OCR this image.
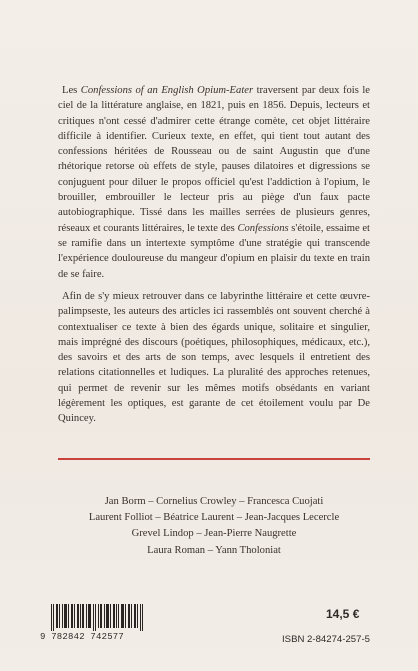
Les Confessions of an English Opium-Eater traversent par deux fois le ciel de la littérature anglaise, en 1821, puis en 1856. Depuis, lecteurs et critiques n'ont cessé d'admirer cette étrange comète, cet objet littéraire difficile à identifier. Curieux texte, en effet, qui tient tout autant des confessions héritées de Rousseau ou de saint Augustin que d'une rhétorique retorse où effets de style, pauses dilatoires et digressions se conjuguent pour diluer le propos officiel qu'est l'addiction à l'opium, le brouiller, embrouiller le lecteur pris au piège d'un faux pacte autobiographique. Tissé dans les mailles serrées de plusieurs genres, réseaux et courants littéraires, le texte des Confessions s'étoile, essaime et se ramifie dans un intertexte symptôme d'une stratégie qui transcende l'expérience douloureuse du mangeur d'opium en plaisir du texte en train de se faire.

Afin de s'y mieux retrouver dans ce labyrinthe littéraire et cette œuvre-palimpseste, les auteurs des articles ici rassemblés ont souvent cherché à contextualiser ce texte à bien des égards unique, solitaire et singulier, mais imprégné des discours (poétiques, philosophiques, médicaux, etc.), des savoirs et des arts de son temps, avec lesquels il entretient des relations citationnelles et ludiques. La pluralité des approches retenues, qui permet de revenir sur les mêmes motifs obsédants en variant légèrement les optiques, est garante de cet étoilement voulu par De Quincey.

Jan Borm – Cornelius Crowley – Francesca Cuojati
Laurent Folliot – Béatrice Laurent – Jean-Jacques Lecercle
Grevel Lindop – Jean-Pierre Naugrette
Laura Roman – Yann Tholoniat
9 782842 742577
14,5 €
ISBN 2-84274-257-5
